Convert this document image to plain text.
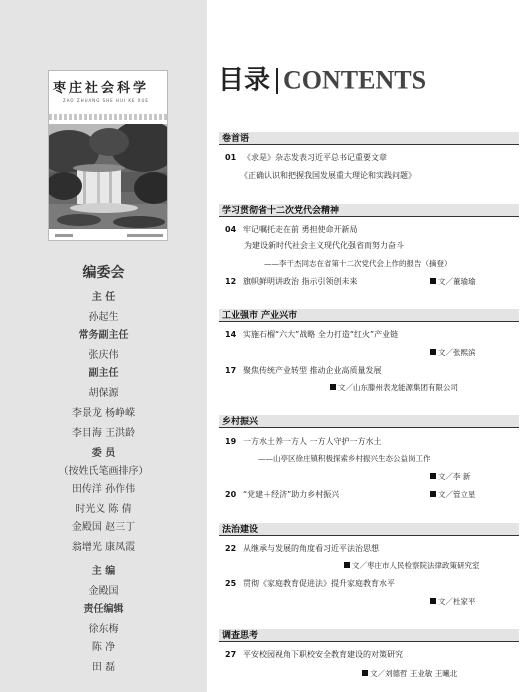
枣庄社会科学
ZAO ZHUANG SHE HUI KE XUE
编委会
主 任
孙起生
常务副主任
张庆伟
副主任
胡保源
李景龙 杨峥嵘
李目海 王洪龄
委 员
（按姓氏笔画排序）
田传洋 孙作伟
时光义 陈 倩
金殿国 赵三丁
翁增光 康凤霞
主 编
金殿国
责任编辑
徐东梅
陈 净
田 磊
目录 CONTENTS
卷首语
学习贯彻省十二次党代会精神
工业强市 产业兴市
乡村振兴
法治建设
调查思考
01 《求是》杂志发表习近平总书记重要文章
《正确认识和把握我国发展重大理论和实践问题》
04 牢记嘱托走在前 勇担使命开新局
为建设新时代社会主义现代化强省而努力奋斗
——李干杰同志在省第十二次党代会上作的报告（摘登）
12 旗帜鲜明讲政治 指示引领创未来	文／董瑜瑜
14 实施石榴“六大”战略 全力打造“红火”产业链
文／张熙滨
17 聚焦传统产业转型 推动企业高质量发展
文／山东滕州表龙能源集团有限公司
19 一方水土养一方人 一方人守护一方水土
——山亭区徐庄镇积极探索乡村振兴生态公益岗工作
文／李 新
20 “党建＋经济”助力乡村振兴	文／管立星
22 从继承与发展的角度看习近平法治思想
文／枣庄市人民检察院法律政策研究室
25 贯彻《家庭教育促进法》提升家庭教育水平
文／杜家平
27 平安校园视角下职校安全教育建设的对策研究
文／刘德哲 王业敏 王曦北
